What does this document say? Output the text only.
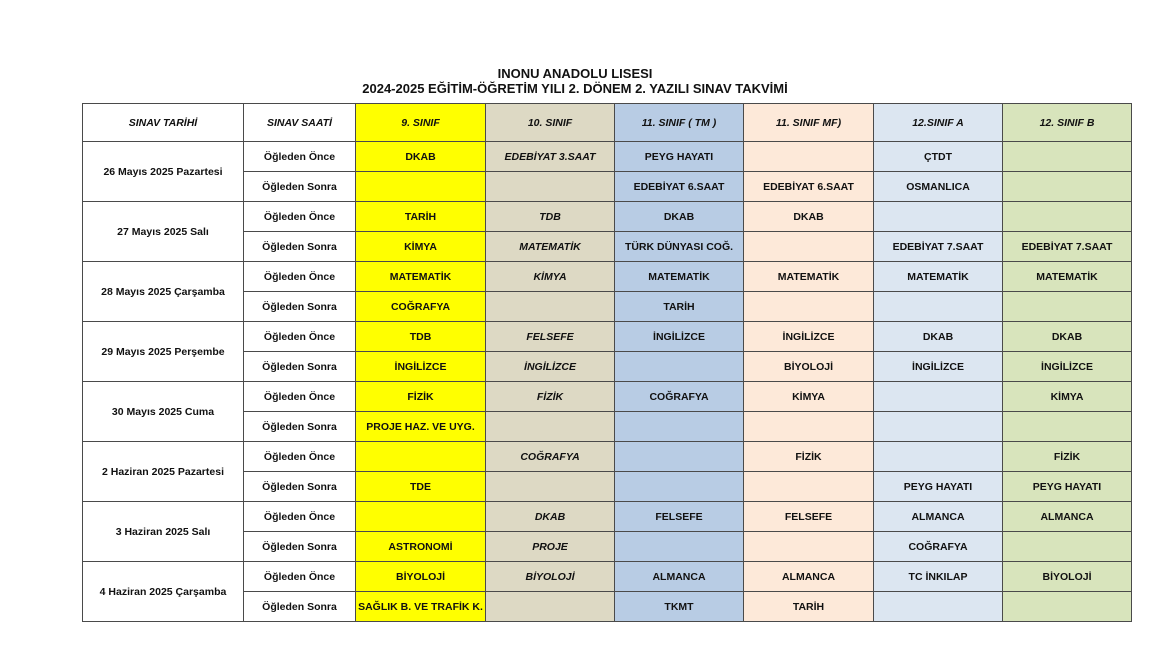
INONU ANADOLU LISESI
2024-2025 EĞİTİM-ÖĞRETİM YILI 2. DÖNEM 2. YAZILI SINAV TAKVİMİ
SINAV TARİHİ	SINAV SAATİ	9. SINIF	10. SINIF	11. SINIF ( TM )	11. SINIF MF)	12.SINIF A	12. SINIF B
26 Mayıs 2025 Pazartesi	Öğleden Önce	DKAB	EDEBİYAT 3.SAAT	PEYG HAYATI		ÇTDT	
	Öğleden Sonra			EDEBİYAT 6.SAAT	EDEBİYAT 6.SAAT	OSMANLICA	
27 Mayıs 2025 Salı	Öğleden Önce	TARİH	TDB	DKAB	DKAB		
	Öğleden Sonra	KİMYA	MATEMATİK	TÜRK DÜNYASI COĞ.		EDEBİYAT 7.SAAT	EDEBİYAT 7.SAAT
28 Mayıs 2025 Çarşamba	Öğleden Önce	MATEMATİK	KİMYA	MATEMATİK	MATEMATİK	MATEMATİK	MATEMATİK
	Öğleden Sonra	COĞRAFYA		TARİH			
29 Mayıs 2025 Perşembe	Öğleden Önce	TDB	FELSEFE	İNGİLİZCE	İNGİLİZCE	DKAB	DKAB
	Öğleden Sonra	İNGİLİZCE	İNGİLİZCE		BİYOLOJİ	İNGİLİZCE	İNGİLİZCE
30 Mayıs 2025 Cuma	Öğleden Önce	FİZİK	FİZİK	COĞRAFYA	KİMYA		KİMYA
	Öğleden Sonra	PROJE HAZ. VE UYG.					
2 Haziran 2025 Pazartesi	Öğleden Önce		COĞRAFYA		FİZİK		FİZİK
	Öğleden Sonra	TDE				PEYG HAYATI	PEYG HAYATI
3 Haziran 2025 Salı	Öğleden Önce		DKAB	FELSEFE	FELSEFE	ALMANCA	ALMANCA
	Öğleden Sonra	ASTRONOMİ	PROJE			COĞRAFYA	
4 Haziran 2025 Çarşamba	Öğleden Önce	BİYOLOJİ	BİYOLOJİ	ALMANCA	ALMANCA	TC İNKILAP	BİYOLOJİ
	Öğleden Sonra	SAĞLIK B. VE TRAFİK K.		TKMT	TARİH		
